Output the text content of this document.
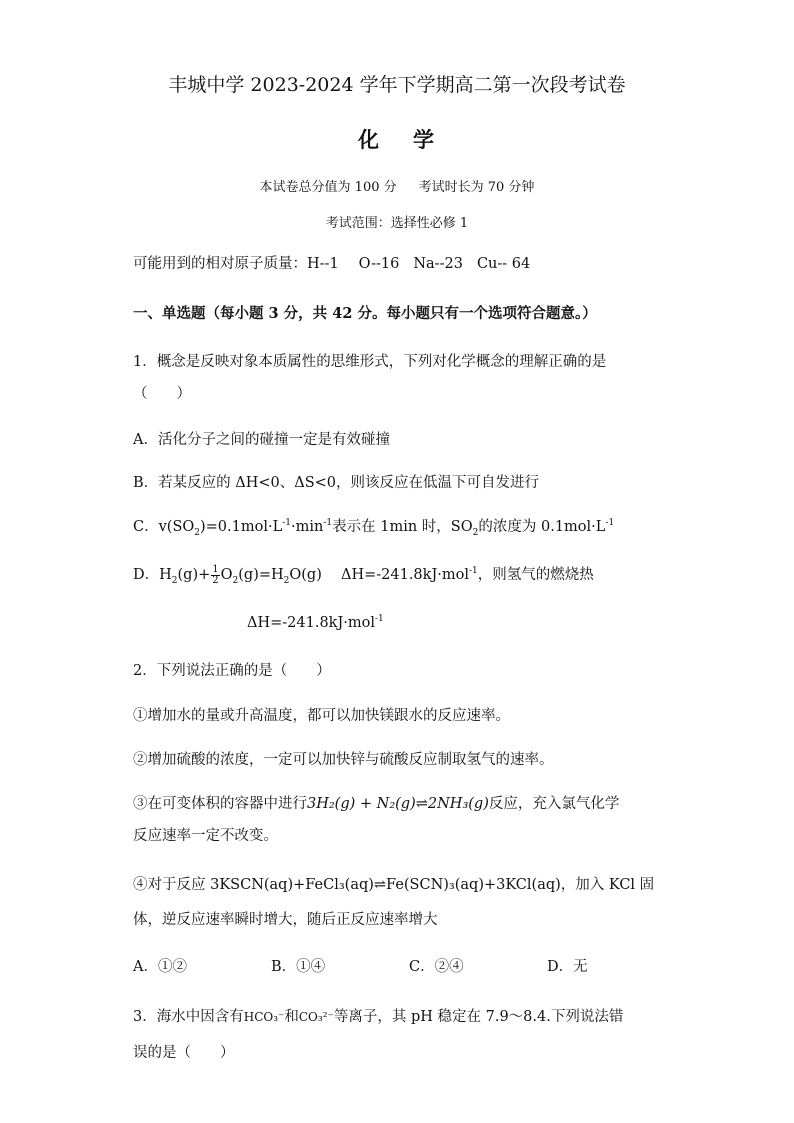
丰城中学 2023-2024 学年下学期高二第一次段考试卷
化 学
本试卷总分值为 100 分 考试时长为 70 分钟
考试范围：选择性必修 1
可能用到的相对原子质量：H--1 O--16 Na--23 Cu-- 64
一、单选题（每小题 3 分，共 42 分。每小题只有一个选项符合题意。）
1．概念是反映对象本质属性的思维形式，下列对化学概念的理解正确的是
（　　）
A．活化分子之间的碰撞一定是有效碰撞
B．若某反应的 ΔH<0、ΔS<0，则该反应在低温下可自发进行
C．$v(SO_2)=0.1mol\cdot L^{-1}\cdot\min^{-1}$表示在 1min 时，$SO_2$的浓度为 $0.1mol\cdot L^{-1}$
D．$H_2(g)+ \frac{1}{2} O_2(g)=H_2O(g)$　 ΔH=-241.8kJ·mol$^{-1}$，则氢气的燃烧热
ΔH=-241.8kJ·mol$^{-1}$
2．下列说法正确的是（　　）
①增加水的量或升高温度，都可以加快镁跟水的反应速率。
②增加硫酸的浓度，一定可以加快锌与硫酸反应制取氢气的速率。
③在可变体积的容器中进行3H₂(g) + N₂(g)⇌2NH₃(g)反应，充入氯气化学
反应速率一定不改变。
④对于反应 3KSCN(aq)+FeCl₃(aq)⇌Fe(SCN)₃(aq)+3KCl(aq)，加入 KCl 固
体，逆反应速率瞬时增大，随后正反应速率增大
A．①②	B．①④	C．②④	D．无
3．海水中因含有HCO₃⁻和CO₃²⁻等离子，其 pH 稳定在 7.9～8.4.下列说法错
误的是（　　）
